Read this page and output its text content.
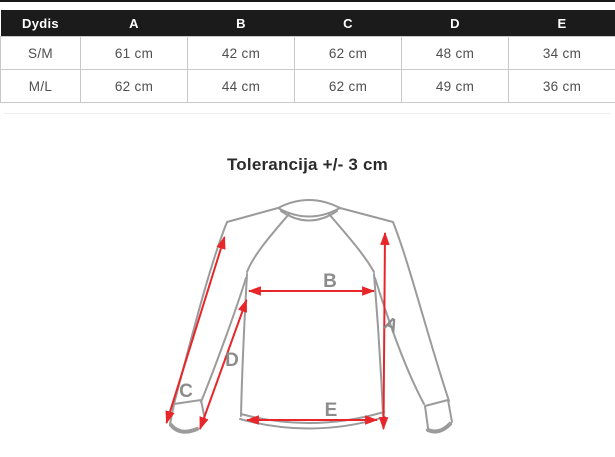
Dydis	A	B	C	D	E
S/M	61 cm	42 cm	62 cm	48 cm	34 cm
M/L	62 cm	44 cm	62 cm	49 cm	36 cm
Tolerancija +/- 3 cm
B
A
C
D
E
